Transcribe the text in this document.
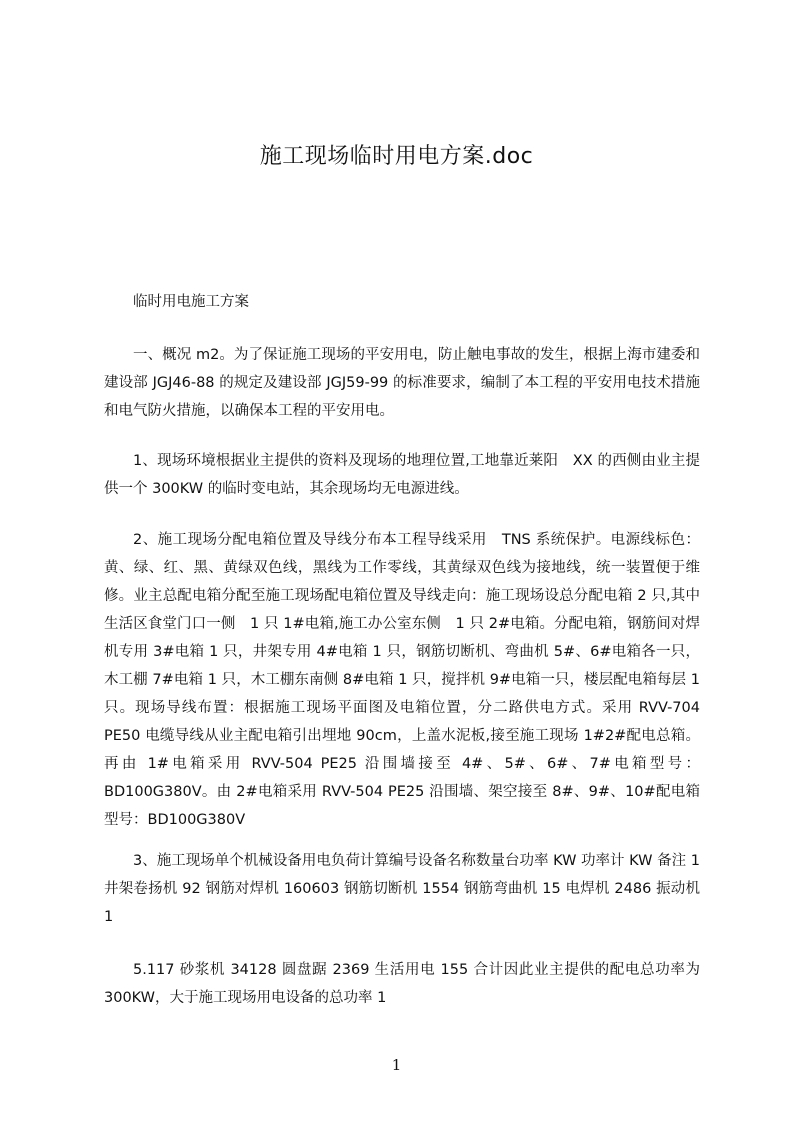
施工现场临时用电方案.doc

临时用电施工方案

一、概况 m2。为了保证施工现场的平安用电，防止触电事故的发生，根据上海市建委和建设部 JGJ46-88 的规定及建设部 JGJ59-99 的标准要求，编制了本工程的平安用电技术措施和电气防火措施，以确保本工程的平安用电。

1、现场环境根据业主提供的资料及现场的地理位置,工地靠近莱阳　XX 的西侧由业主提供一个 300KW 的临时变电站，其余现场均无电源进线。

2、施工现场分配电箱位置及导线分布本工程导线采用　TNS 系统保护。电源线标色：黄、绿、红、黑、黄绿双色线，黑线为工作零线，其黄绿双色线为接地线，统一装置便于维修。业主总配电箱分配至施工现场配电箱位置及导线走向：施工现场设总分配电箱 2 只,其中生活区食堂门口一侧　1 只 1#电箱,施工办公室东侧　1 只 2#电箱。分配电箱，钢筋间对焊机专用 3#电箱 1 只，井架专用 4#电箱 1 只，钢筋切断机、弯曲机 5#、6#电箱各一只，木工棚 7#电箱 1 只，木工棚东南侧 8#电箱 1 只，搅拌机 9#电箱一只，楼层配电箱每层 1 只。现场导线布置：根据施工现场平面图及电箱位置，分二路供电方式。采用 RVV-704 PE50 电缆导线从业主配电箱引出埋地 90cm，上盖水泥板,接至施工现场 1#2#配电总箱。再由 1#电箱采用 RVV-504 PE25 沿围墙接至 4#、5#、6#、7#电箱型号：BD100G380V。由 2#电箱采用 RVV-504 PE25 沿围墙、架空接至 8#、9#、10#配电箱型号：BD100G380V

3、施工现场单个机械设备用电负荷计算编号设备名称数量台功率 KW 功率计 KW 备注 1 井架卷扬机 92 钢筋对焊机 160603 钢筋切断机 1554 钢筋弯曲机 15 电焊机 2486 振动机 1

5.117 砂浆机 34128 圆盘踞 2369 生活用电 155 合计因此业主提供的配电总功率为 300KW，大于施工现场用电设备的总功率 1

1
